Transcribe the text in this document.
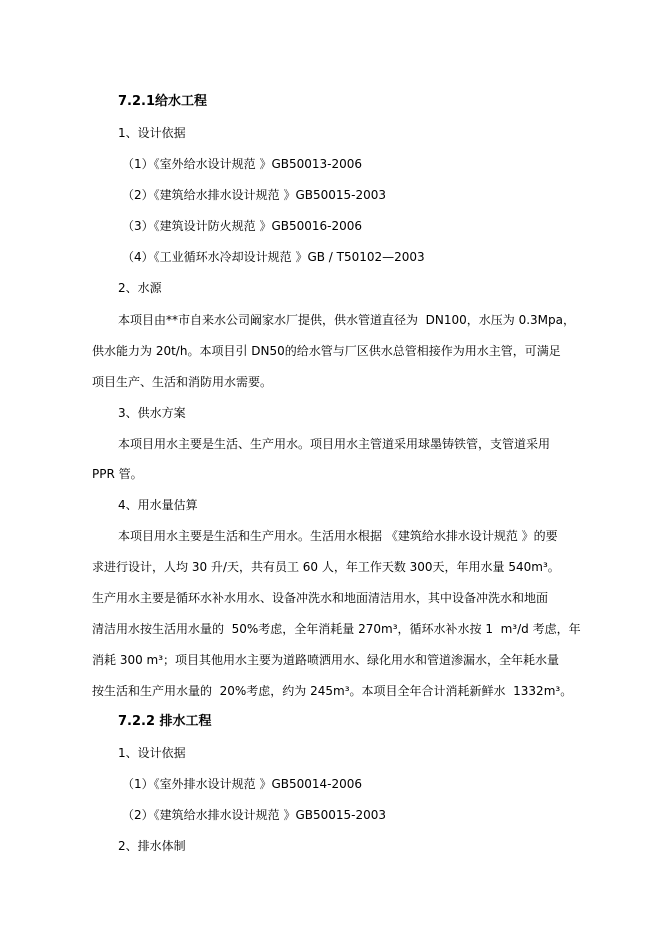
7.2.1给水工程
1、设计依据
（1）《室外给水设计规范 》GB50013-2006
（2）《建筑给水排水设计规范 》GB50015-2003
（3）《建筑设计防火规范 》GB50016-2006
（4）《工业循环水冷却设计规范 》GB / T50102—2003
2、水源
本项目由**市自来水公司阚家水厂提供，供水管道直径为  DN100，水压为 0.3Mpa，
供水能力为 20t/h。本项目引 DN50的给水管与厂区供水总管相接作为用水主管，可满足
项目生产、生活和消防用水需要。
3、供水方案
本项目用水主要是生活、生产用水。项目用水主管道采用球墨铸铁管，支管道采用
PPR 管。
4、用水量估算
本项目用水主要是生活和生产用水。生活用水根据 《建筑给水排水设计规范 》的要
求进行设计，人均 30 升/天，共有员工 60 人，年工作天数 300天，年用水量 540m³。
生产用水主要是循环水补水用水、设备冲洗水和地面清洁用水，其中设备冲洗水和地面
清洁用水按生活用水量的  50%考虑，全年消耗量 270m³，循环水补水按 1  m³/d 考虑，年
消耗 300 m³；项目其他用水主要为道路喷洒用水、绿化用水和管道渗漏水，全年耗水量
按生活和生产用水量的  20%考虑，约为 245m³。本项目全年合计消耗新鲜水  1332m³。
7.2.2 排水工程
1、设计依据
（1）《室外排水设计规范 》GB50014-2006
（2）《建筑给水排水设计规范 》GB50015-2003
2、排水体制
